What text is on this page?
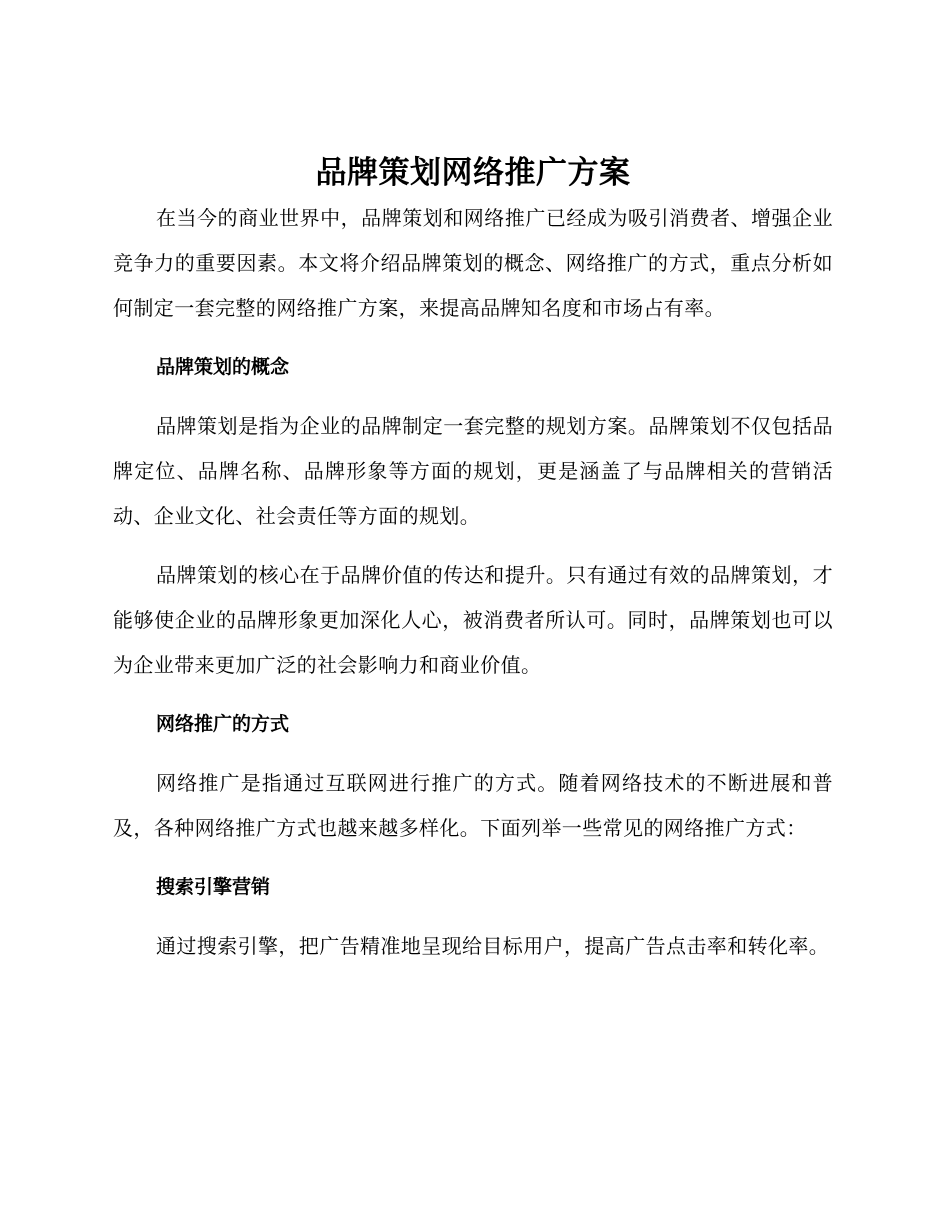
品牌策划网络推广方案

在当今的商业世界中，品牌策划和网络推广已经成为吸引消费者、增强企业竞争力的重要因素。本文将介绍品牌策划的概念、网络推广的方式，重点分析如何制定一套完整的网络推广方案，来提高品牌知名度和市场占有率。

品牌策划的概念

品牌策划是指为企业的品牌制定一套完整的规划方案。品牌策划不仅包括品牌定位、品牌名称、品牌形象等方面的规划，更是涵盖了与品牌相关的营销活动、企业文化、社会责任等方面的规划。

品牌策划的核心在于品牌价值的传达和提升。只有通过有效的品牌策划，才能够使企业的品牌形象更加深化人心，被消费者所认可。同时，品牌策划也可以为企业带来更加广泛的社会影响力和商业价值。

网络推广的方式

网络推广是指通过互联网进行推广的方式。随着网络技术的不断进展和普及，各种网络推广方式也越来越多样化。下面列举一些常见的网络推广方式：

搜索引擎营销

通过搜索引擎，把广告精准地呈现给目标用户，提高广告点击率和转化率。
